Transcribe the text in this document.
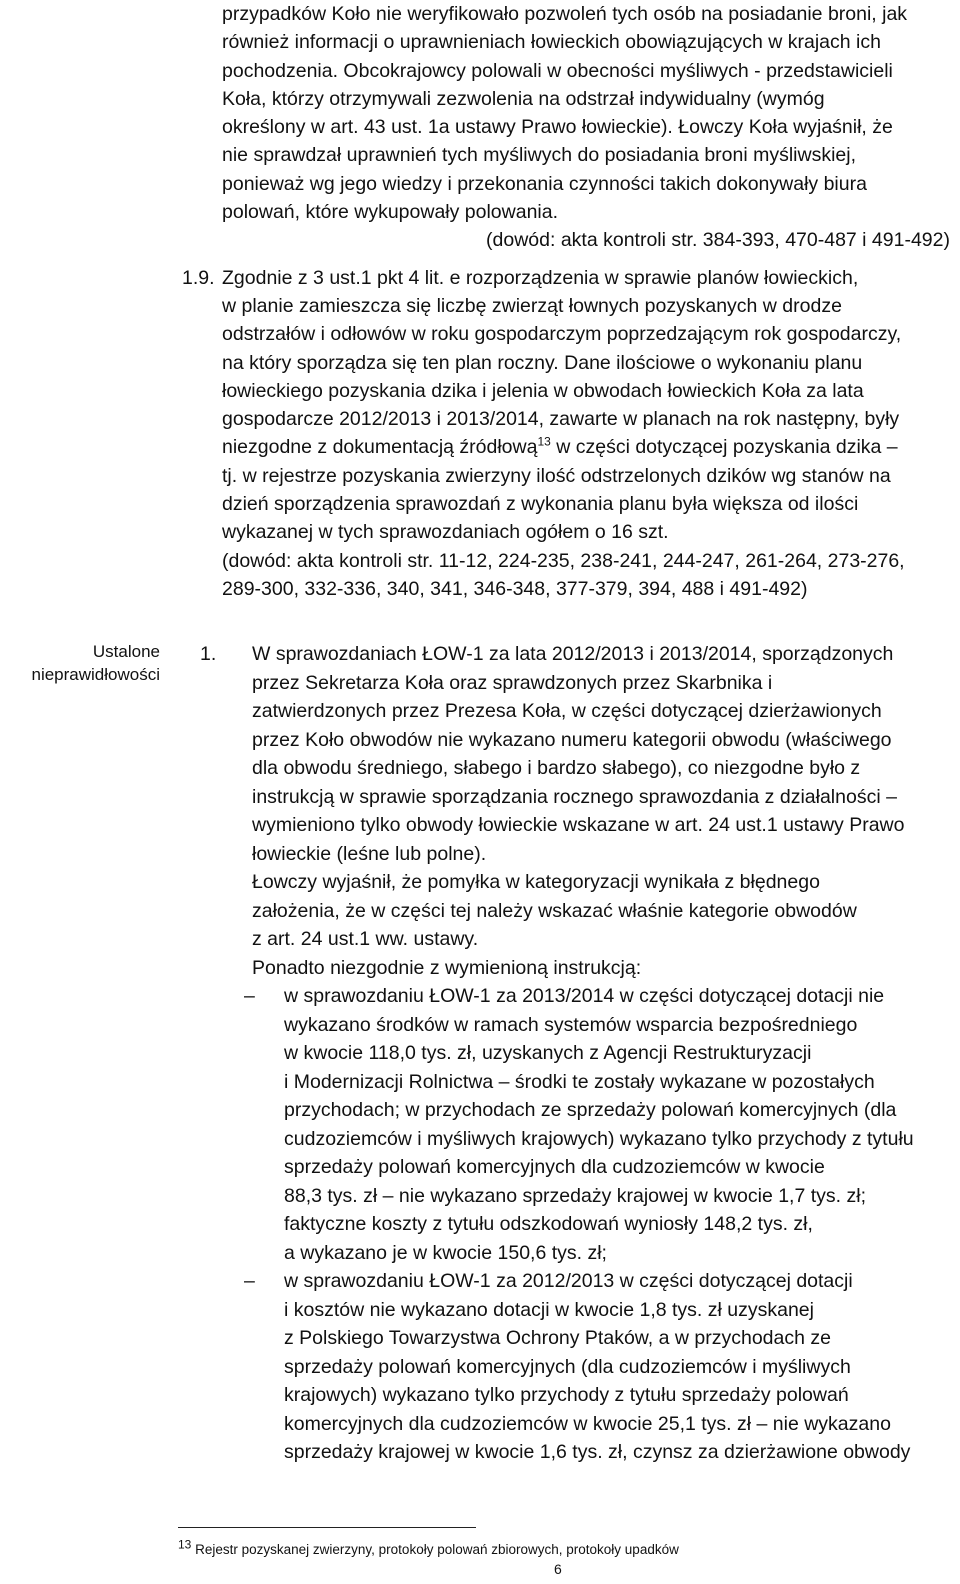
przypadków Koło nie weryfikowało pozwoleń tych osób na posiadanie broni, jak
również informacji o uprawnieniach łowieckich obowiązujących w krajach ich
pochodzenia. Obcokrajowcy polowali w obecności myśliwych - przedstawicieli
Koła, którzy otrzymywali zezwolenia na odstrzał indywidualny (wymóg
określony w art. 43 ust. 1a ustawy Prawo łowieckie). Łowczy Koła wyjaśnił, że
nie sprawdzał uprawnień tych myśliwych do posiadania broni myśliwskiej,
ponieważ wg jego wiedzy i przekonania czynności takich dokonywały biura
polowań, które wykupowały polowania.
(dowód: akta kontroli str. 384-393, 470-487 i 491-492)
1.9. Zgodnie z 3 ust.1 pkt 4 lit. e rozporządzenia w sprawie planów łowieckich,
w planie zamieszcza się liczbę zwierząt łownych pozyskanych w drodze
odstrzałów i odłowów w roku gospodarczym poprzedzającym rok gospodarczy,
na który sporządza się ten plan roczny. Dane ilościowe o wykonaniu planu
łowieckiego pozyskania dzika i jelenia w obwodach łowieckich Koła za lata
gospodarcze 2012/2013 i 2013/2014, zawarte w planach na rok następny, były
niezgodne z dokumentacją źródłową$^{13}$ w części dotyczącej pozyskania dzika –
tj. w rejestrze pozyskania zwierzyny ilość odstrzelonych dzików wg stanów na
dzień sporządzenia sprawozdań z wykonania planu była większa od ilości
wykazanej w tych sprawozdaniach ogółem o 16 szt.
(dowód: akta kontroli str. 11-12, 224-235, 238-241, 244-247, 261-264, 273-276,
289-300, 332-336, 340, 341, 346-348, 377-379, 394, 488 i 491-492)
Ustalone
nieprawidłowości
1.	W sprawozdaniach ŁOW-1 za lata 2012/2013 i 2013/2014, sporządzonych
przez Sekretarza Koła oraz sprawdzonych przez Skarbnika i
zatwierdzonych przez Prezesa Koła, w części dotyczącej dzierżawionych
przez Koło obwodów nie wykazano numeru kategorii obwodu (właściwego
dla obwodu średniego, słabego i bardzo słabego), co niezgodne było z
instrukcją w sprawie sporządzania rocznego sprawozdania z działalności –
wymieniono tylko obwody łowieckie wskazane w art. 24 ust.1 ustawy Prawo
łowieckie (leśne lub polne).
Łowczy wyjaśnił, że pomyłka w kategoryzacji wynikała z błędnego
założenia, że w części tej należy wskazać właśnie kategorie obwodów
z art. 24 ust.1 ww. ustawy.
Ponadto niezgodnie z wymienioną instrukcją:
–	w sprawozdaniu ŁOW-1 za 2013/2014 w części dotyczącej dotacji nie
wykazano środków w ramach systemów wsparcia bezpośredniego
w kwocie 118,0 tys. zł, uzyskanych z Agencji Restrukturyzacji
i Modernizacji Rolnictwa – środki te zostały wykazane w pozostałych
przychodach; w przychodach ze sprzedaży polowań komercyjnych (dla
cudzoziemców i myśliwych krajowych) wykazano tylko przychody z tytułu
sprzedaży polowań komercyjnych dla cudzoziemców w kwocie
88,3 tys. zł – nie wykazano sprzedaży krajowej w kwocie 1,7 tys. zł;
faktyczne koszty z tytułu odszkodowań wyniosły 148,2 tys. zł,
a wykazano je w kwocie 150,6 tys. zł;
–	w sprawozdaniu ŁOW-1 za 2012/2013 w części dotyczącej dotacji
i kosztów nie wykazano dotacji w kwocie 1,8 tys. zł uzyskanej
z Polskiego Towarzystwa Ochrony Ptaków, a w przychodach ze
sprzedaży polowań komercyjnych (dla cudzoziemców i myśliwych
krajowych) wykazano tylko przychody z tytułu sprzedaży polowań
komercyjnych dla cudzoziemców w kwocie 25,1 tys. zł – nie wykazano
sprzedaży krajowej w kwocie 1,6 tys. zł, czynsz za dzierżawione obwody
$^{13}$ Rejestr pozyskanej zwierzyny, protokoły polowań zbiorowych, protokoły upadków
6
